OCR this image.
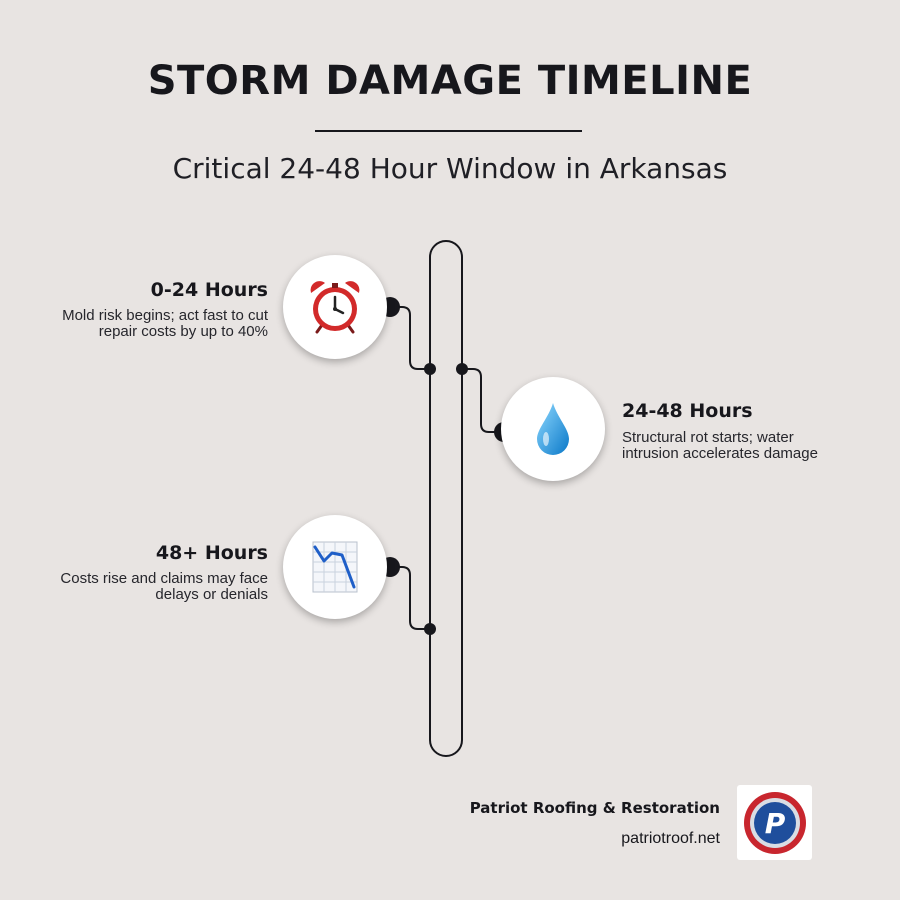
STORM DAMAGE TIMELINE
Critical 24-48 Hour Window in Arkansas
0-24 Hours
Mold risk begins; act fast to cut repair costs by up to 40%
24-48 Hours
Structural rot starts; water intrusion accelerates damage
48+ Hours
Costs rise and claims may face delays or denials
Patriot Roofing & Restoration
patriotroof.net P
